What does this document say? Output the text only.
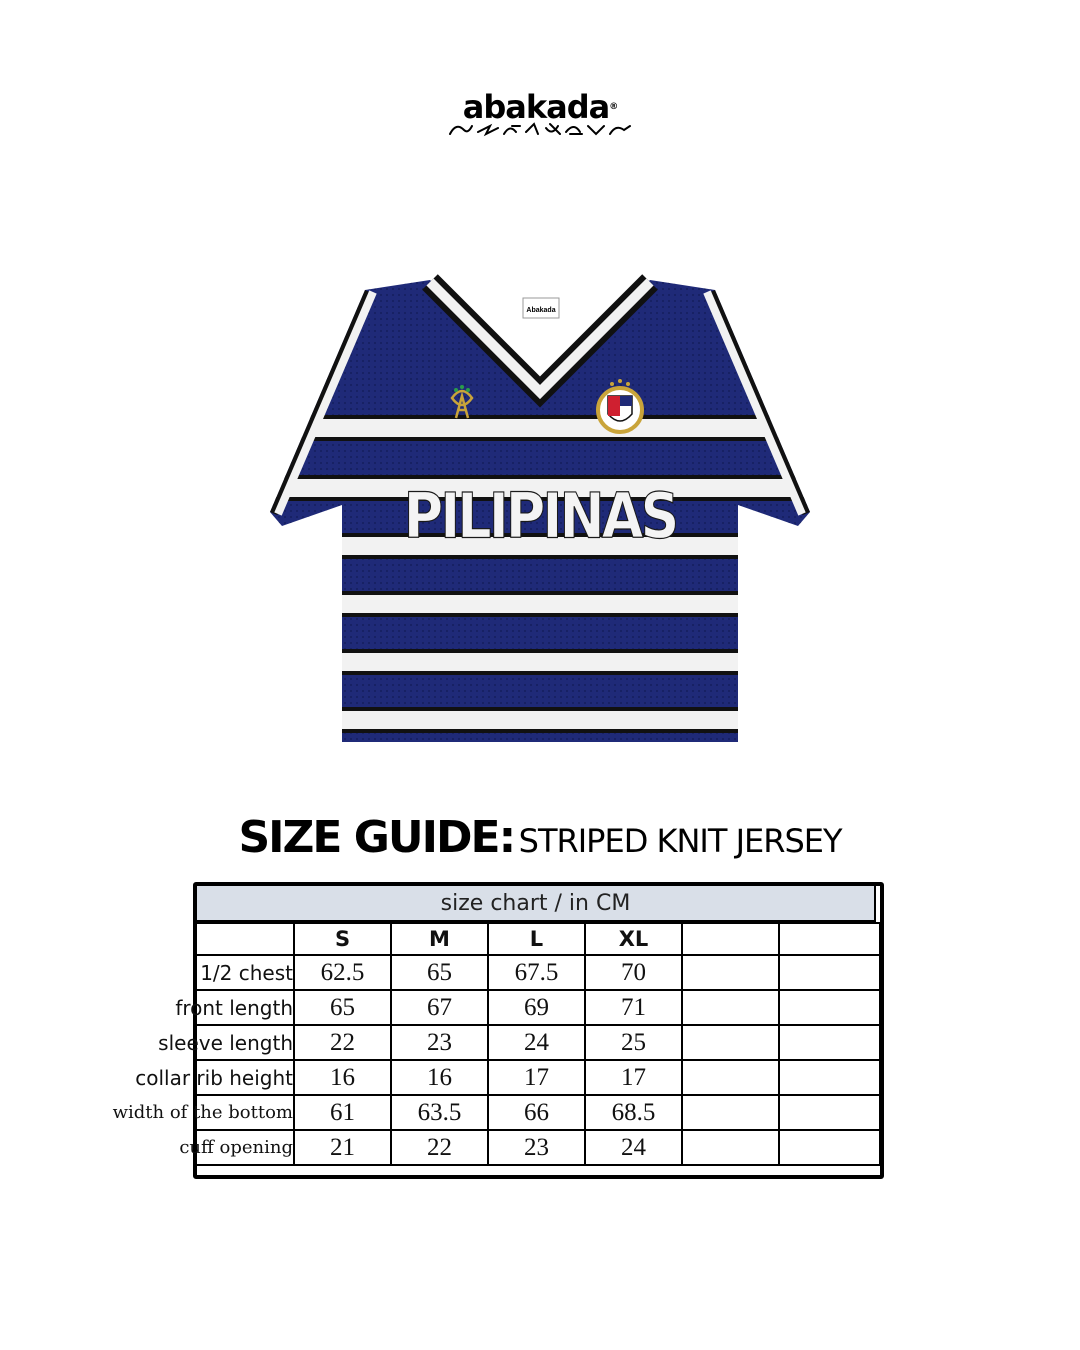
abakada®
Abakada
PILIPINAS
SIZE GUIDE: STRIPED KNIT JERSEY
size chart / in CM
	S	M	L	XL		
1/2 chest	62.5	65	67.5	70		
front length	65	67	69	71		
sleeve length	22	23	24	25		
collar rib height	16	16	17	17		
width of the bottom	61	63.5	66	68.5		
cuff opening	21	22	23	24		
